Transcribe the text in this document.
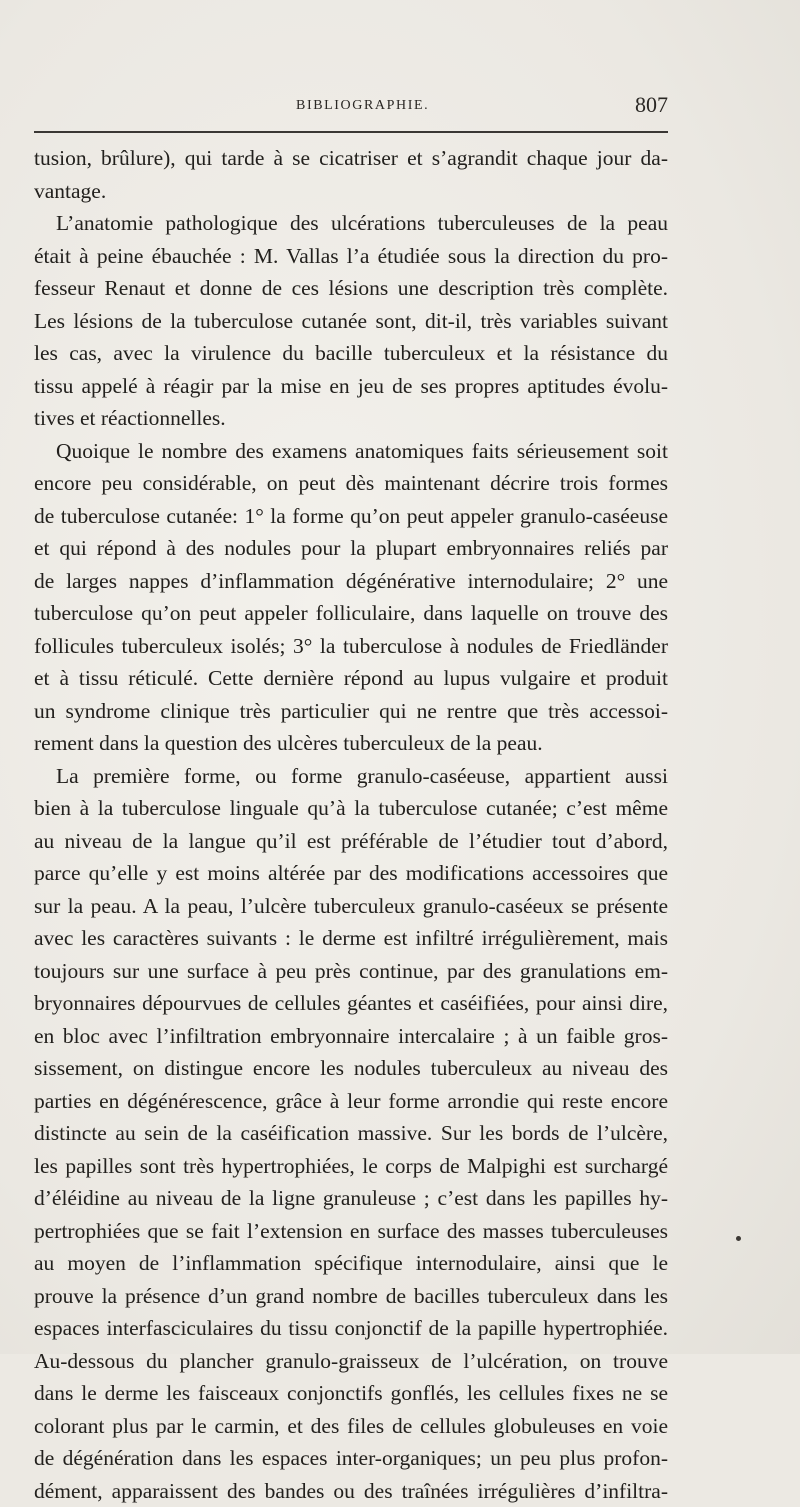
BIBLIOGRAPHIE.	807
tusion, brûlure), qui tarde à se cicatriser et s’agrandit chaque jour da-
vantage.
L’anatomie pathologique des ulcérations tuberculeuses de la peau
était à peine ébauchée : M. Vallas l’a étudiée sous la direction du pro-
fesseur Renaut et donne de ces lésions une description très complète.
Les lésions de la tuberculose cutanée sont, dit-il, très variables suivant
les cas, avec la virulence du bacille tuberculeux et la résistance du
tissu appelé à réagir par la mise en jeu de ses propres aptitudes évolu-
tives et réactionnelles.
Quoique le nombre des examens anatomiques faits sérieusement soit
encore peu considérable, on peut dès maintenant décrire trois formes
de tuberculose cutanée: 1° la forme qu’on peut appeler granulo-caséeuse
et qui répond à des nodules pour la plupart embryonnaires reliés par
de larges nappes d’inflammation dégénérative internodulaire; 2° une
tuberculose qu’on peut appeler folliculaire, dans laquelle on trouve des
follicules tuberculeux isolés; 3° la tuberculose à nodules de Friedländer
et à tissu réticulé. Cette dernière répond au lupus vulgaire et produit
un syndrome clinique très particulier qui ne rentre que très accessoi-
rement dans la question des ulcères tuberculeux de la peau.
La première forme, ou forme granulo-caséeuse, appartient aussi
bien à la tuberculose linguale qu’à la tuberculose cutanée; c’est même
au niveau de la langue qu’il est préférable de l’étudier tout d’abord,
parce qu’elle y est moins altérée par des modifications accessoires que
sur la peau. A la peau, l’ulcère tuberculeux granulo-caséeux se présente
avec les caractères suivants : le derme est infiltré irrégulièrement, mais
toujours sur une surface à peu près continue, par des granulations em-
bryonnaires dépourvues de cellules géantes et caséifiées, pour ainsi dire,
en bloc avec l’infiltration embryonnaire intercalaire ; à un faible gros-
sissement, on distingue encore les nodules tuberculeux au niveau des
parties en dégénérescence, grâce à leur forme arrondie qui reste encore
distincte au sein de la caséification massive. Sur les bords de l’ulcère,
les papilles sont très hypertrophiées, le corps de Malpighi est surchargé
d’éléidine au niveau de la ligne granuleuse ; c’est dans les papilles hy-
pertrophiées que se fait l’extension en surface des masses tuberculeuses
au moyen de l’inflammation spécifique internodulaire, ainsi que le
prouve la présence d’un grand nombre de bacilles tuberculeux dans les
espaces interfasciculaires du tissu conjonctif de la papille hypertrophiée.
Au-dessous du plancher granulo-graisseux de l’ulcération, on trouve
dans le derme les faisceaux conjonctifs gonflés, les cellules fixes ne se
colorant plus par le carmin, et des files de cellules globuleuses en voie
de dégénération dans les espaces inter-organiques; un peu plus profon-
dément, apparaissent des bandes ou des traînées irrégulières d’infiltra-
